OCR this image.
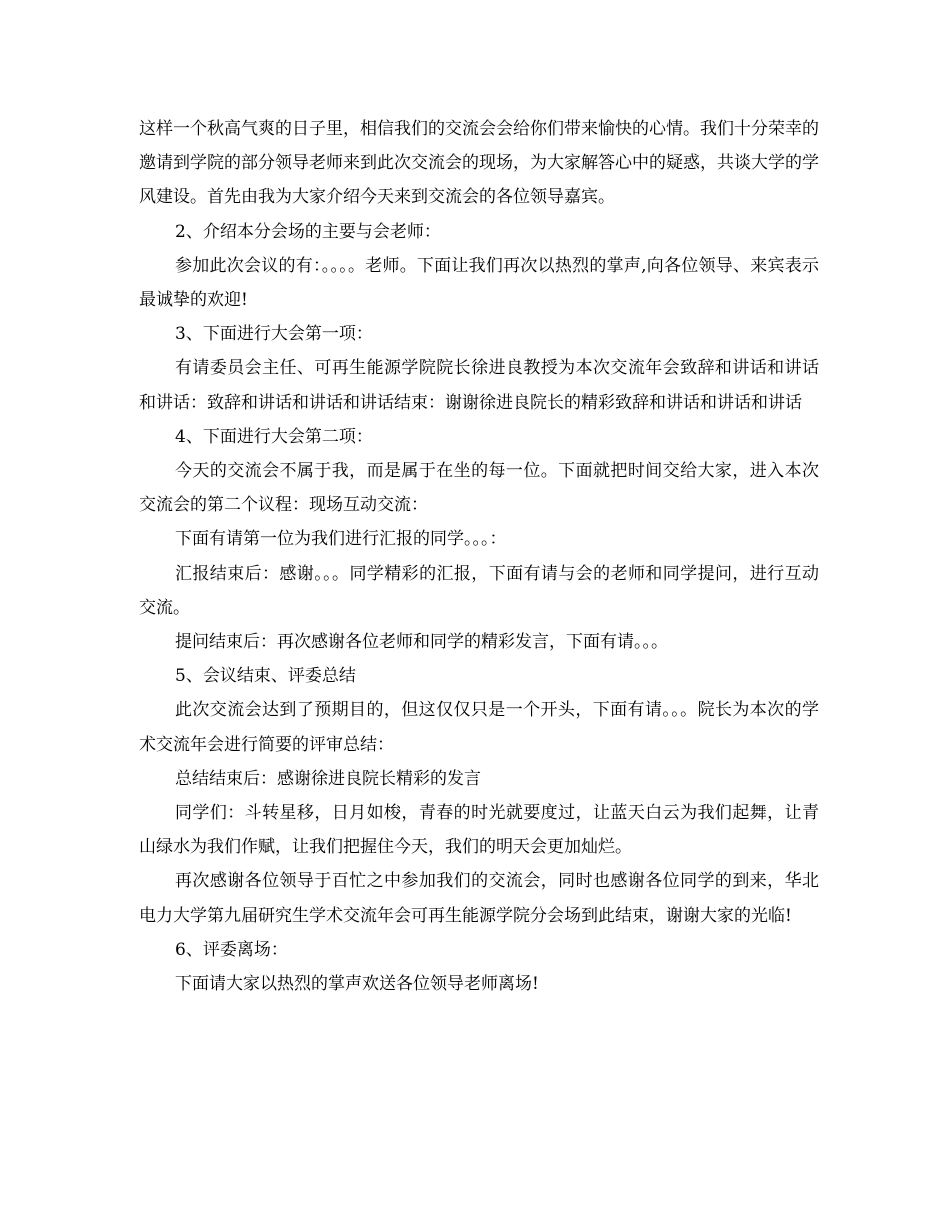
这样一个秋高气爽的日子里，相信我们的交流会会给你们带来愉快的心情。我们十分荣幸的邀请到学院的部分领导老师来到此次交流会的现场，为大家解答心中的疑惑，共谈大学的学风建设。首先由我为大家介绍今天来到交流会的各位领导嘉宾。

2、介绍本分会场的主要与会老师：

参加此次会议的有：。。。。老师。下面让我们再次以热烈的掌声,向各位领导、来宾表示最诚挚的欢迎!

3、下面进行大会第一项：

有请委员会主任、可再生能源学院院长徐进良教授为本次交流年会致辞和讲话和讲话和讲话：致辞和讲话和讲话和讲话结束：谢谢徐进良院长的精彩致辞和讲话和讲话和讲话

4、下面进行大会第二项：

今天的交流会不属于我，而是属于在坐的每一位。下面就把时间交给大家，进入本次交流会的第二个议程：现场互动交流：

下面有请第一位为我们进行汇报的同学。。。：

汇报结束后：感谢。。。同学精彩的汇报，下面有请与会的老师和同学提问，进行互动交流。

提问结束后：再次感谢各位老师和同学的精彩发言，下面有请。。。

5、会议结束、评委总结

此次交流会达到了预期目的，但这仅仅只是一个开头，下面有请。。。院长为本次的学术交流年会进行简要的评审总结：

总结结束后：感谢徐进良院长精彩的发言

同学们：斗转星移，日月如梭，青春的时光就要度过，让蓝天白云为我们起舞，让青山绿水为我们作赋，让我们把握住今天，我们的明天会更加灿烂。

再次感谢各位领导于百忙之中参加我们的交流会，同时也感谢各位同学的到来，华北电力大学第九届研究生学术交流年会可再生能源学院分会场到此结束，谢谢大家的光临!

6、评委离场：

下面请大家以热烈的掌声欢送各位领导老师离场!
